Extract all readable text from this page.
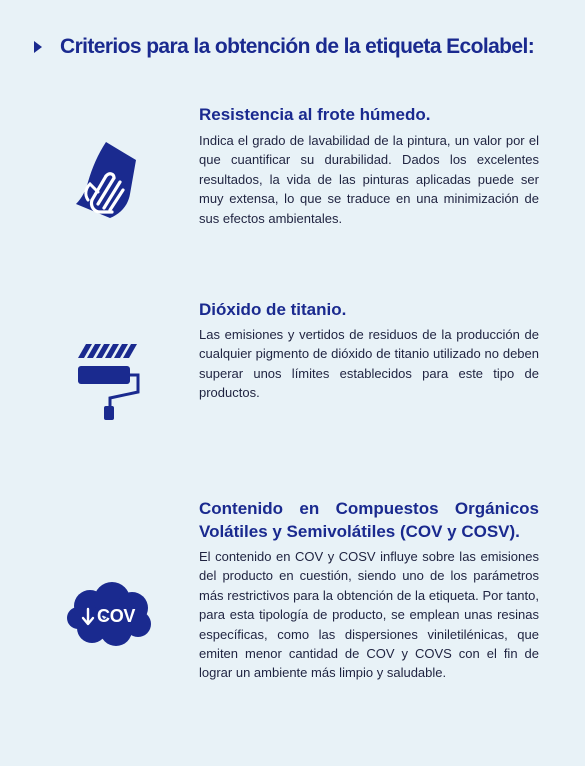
Criterios para la obtención de la etiqueta Ecolabel:
Resistencia al frote húmedo.

Indica el grado de lavabilidad de la pintura, un valor por el que cuantificar su durabilidad. Dados los excelentes resultados, la vida de las pinturas aplicadas puede ser muy extensa, lo que se traduce en una minimización de sus efectos ambientales.

Dióxido de titanio.

Las emisiones y vertidos de residuos de la producción de cualquier pigmento de dióxido de titanio utilizado no deben superar unos límites establecidos para este tipo de productos.

COV
Contenido en Compuestos Orgánicos Volátiles y Semivolátiles (COV y COSV).

El contenido en COV y COSV influye sobre las emisiones del producto en cuestión, siendo uno de los parámetros más restrictivos para la obtención de la etiqueta. Por tanto, para esta tipología de producto, se emplean unas resinas específicas, como las dispersiones viniletilénicas, que emiten menor cantidad de COV y COVS con el fin de lograr un ambiente más limpio y saludable.
